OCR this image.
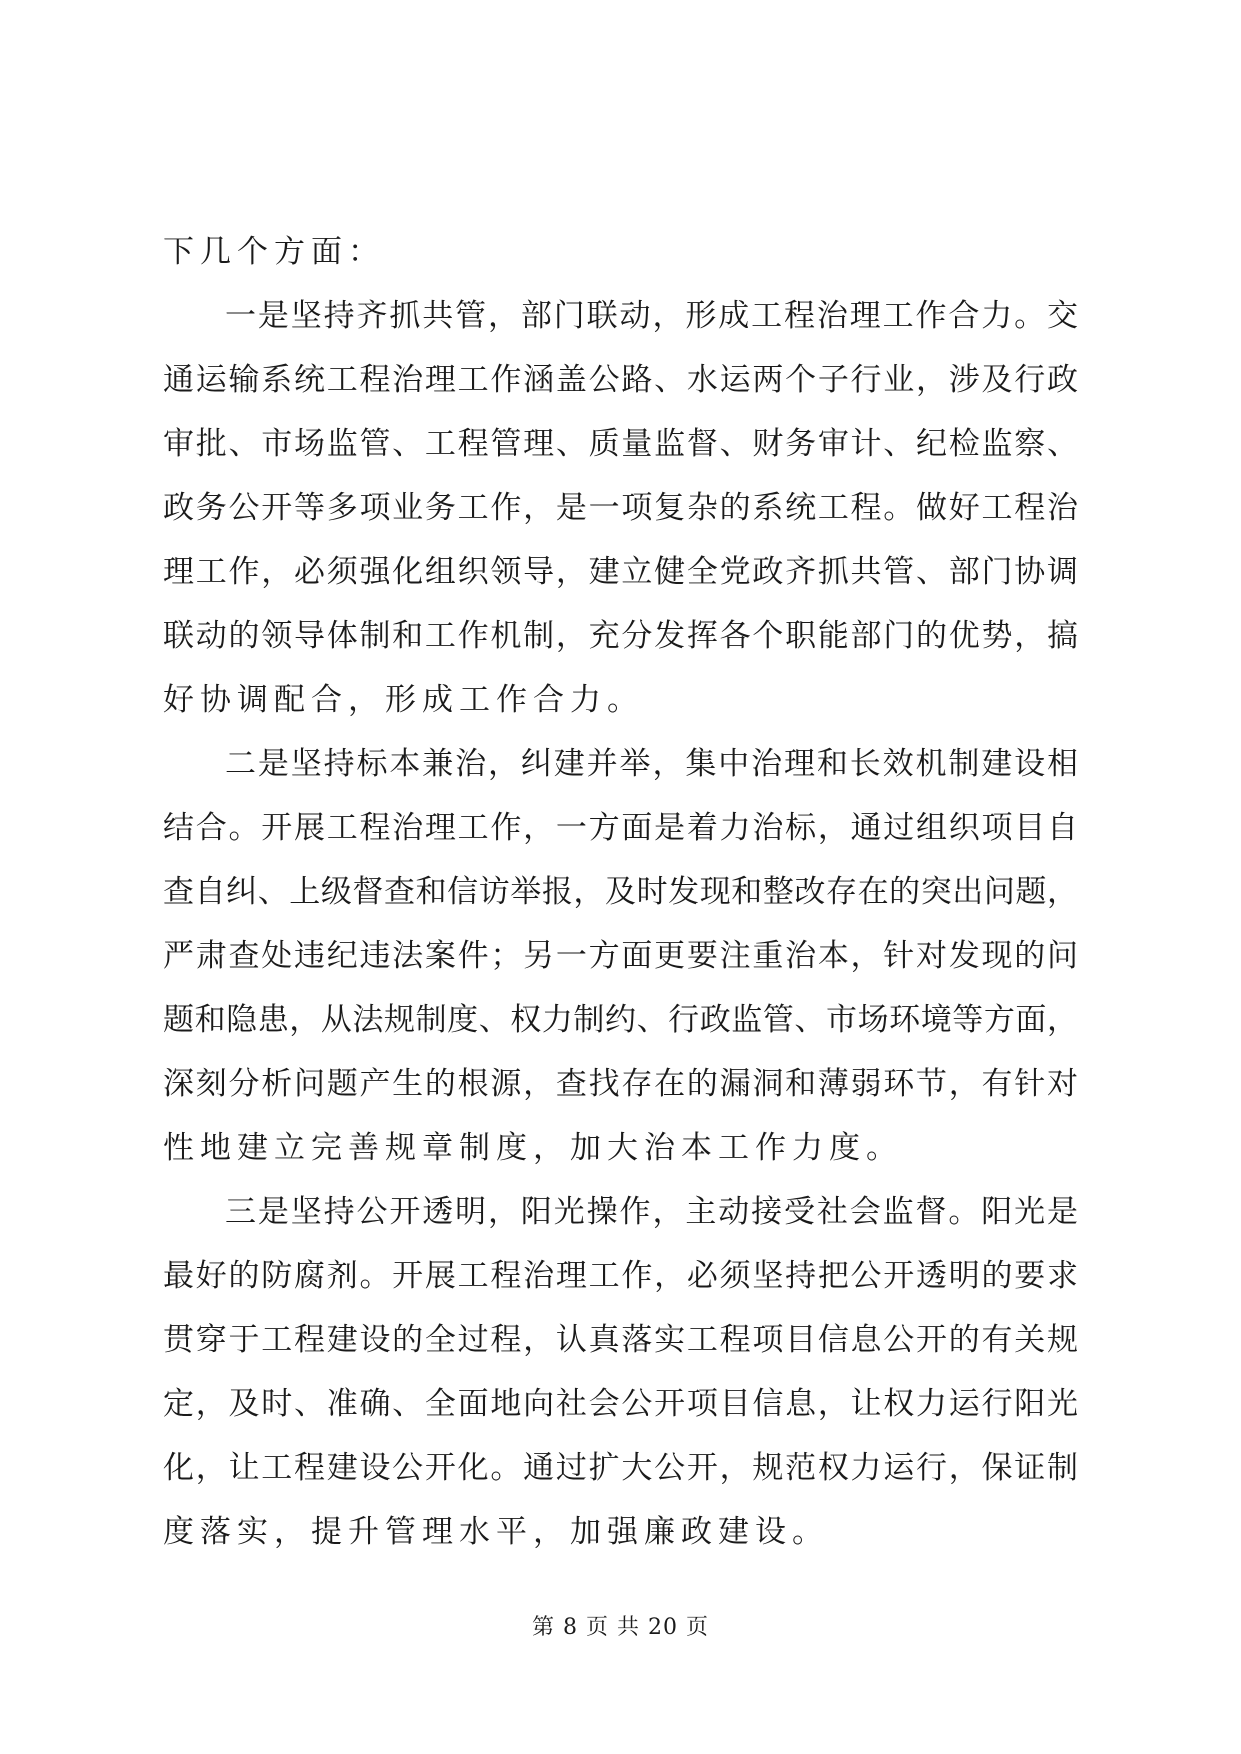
下几个方面：
一是坚持齐抓共管，部门联动，形成工程治理工作合力。交
通运输系统工程治理工作涵盖公路、水运两个子行业，涉及行政
审批、市场监管、工程管理、质量监督、财务审计、纪检监察、
政务公开等多项业务工作，是一项复杂的系统工程。做好工程治
理工作，必须强化组织领导，建立健全党政齐抓共管、部门协调
联动的领导体制和工作机制，充分发挥各个职能部门的优势，搞
好协调配合，形成工作合力。
二是坚持标本兼治，纠建并举，集中治理和长效机制建设相
结合。开展工程治理工作，一方面是着力治标，通过组织项目自
查自纠、上级督查和信访举报，及时发现和整改存在的突出问题，
严肃查处违纪违法案件；另一方面更要注重治本，针对发现的问
题和隐患，从法规制度、权力制约、行政监管、市场环境等方面，
深刻分析问题产生的根源，查找存在的漏洞和薄弱环节，有针对
性地建立完善规章制度，加大治本工作力度。
三是坚持公开透明，阳光操作，主动接受社会监督。阳光是
最好的防腐剂。开展工程治理工作，必须坚持把公开透明的要求
贯穿于工程建设的全过程，认真落实工程项目信息公开的有关规
定，及时、准确、全面地向社会公开项目信息，让权力运行阳光
化，让工程建设公开化。通过扩大公开，规范权力运行，保证制
度落实，提升管理水平，加强廉政建设。
第 8 页 共 20 页
